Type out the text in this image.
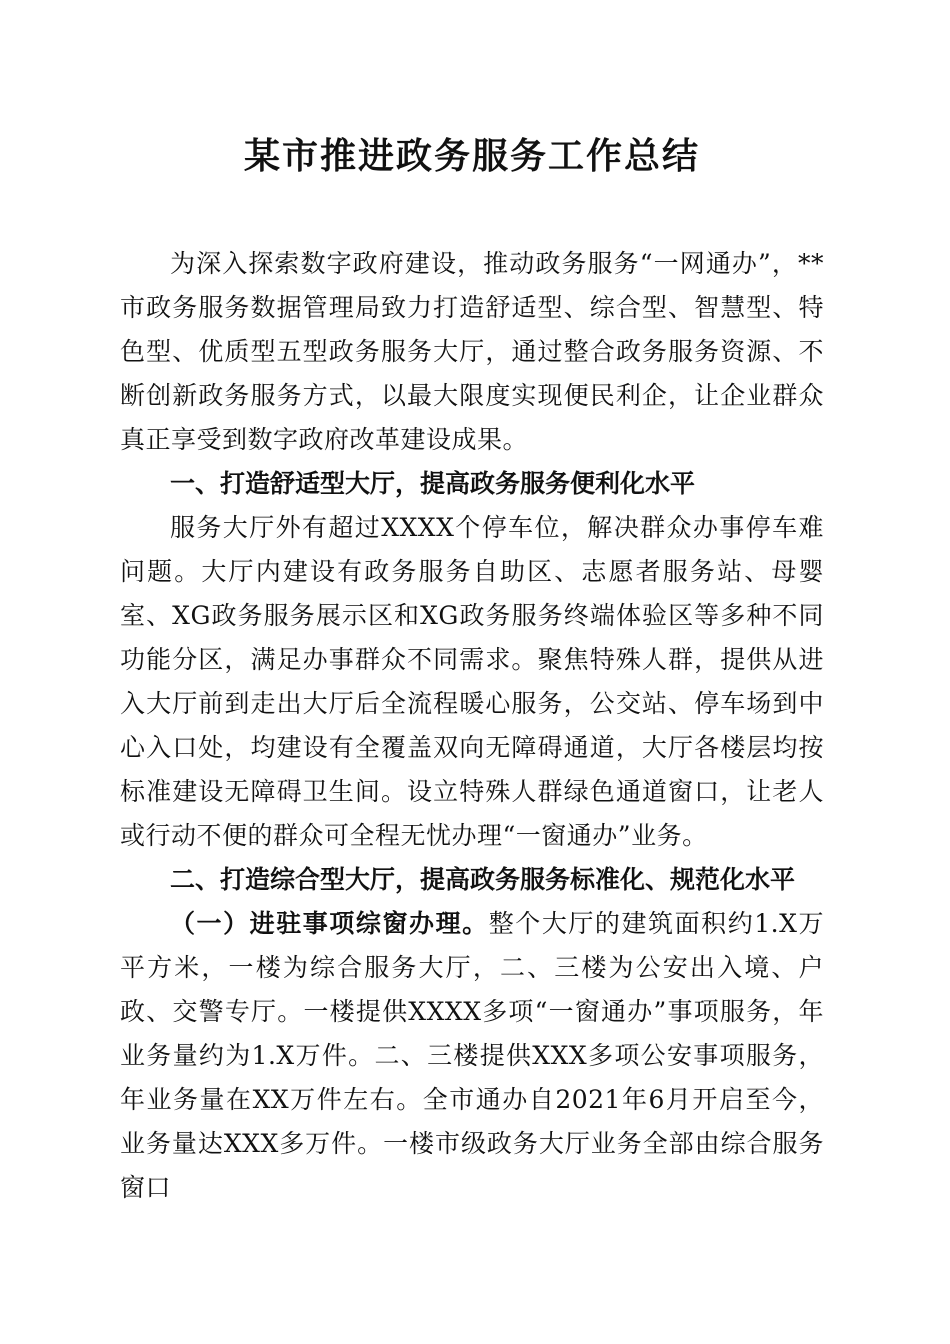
某市推进政务服务工作总结

为深入探索数字政府建设，推动政务服务“一网通办”，**市政务服务数据管理局致力打造舒适型、综合型、智慧型、特色型、优质型五型政务服务大厅，通过整合政务服务资源、不断创新政务服务方式，以最大限度实现便民利企，让企业群众真正享受到数字政府改革建设成果。

一、打造舒适型大厅，提高政务服务便利化水平

服务大厅外有超过XXXX个停车位，解决群众办事停车难问题。大厅内建设有政务服务自助区、志愿者服务站、母婴室、XG政务服务展示区和XG政务服务终端体验区等多种不同功能分区，满足办事群众不同需求。聚焦特殊人群，提供从进入大厅前到走出大厅后全流程暖心服务，公交站、停车场到中心入口处，均建设有全覆盖双向无障碍通道，大厅各楼层均按标准建设无障碍卫生间。设立特殊人群绿色通道窗口，让老人或行动不便的群众可全程无忧办理“一窗通办”业务。

二、打造综合型大厅，提高政务服务标准化、规范化水平

（一）进驻事项综窗办理。整个大厅的建筑面积约1.X万平方米，一楼为综合服务大厅，二、三楼为公安出入境、户政、交警专厅。一楼提供XXXX多项“一窗通办”事项服务，年业务量约为1.X万件。二、三楼提供XXX多项公安事项服务，年业务量在XX万件左右。全市通办自2021年6月开启至今，业务量达XXX多万件。一楼市级政务大厅业务全部由综合服务窗口
